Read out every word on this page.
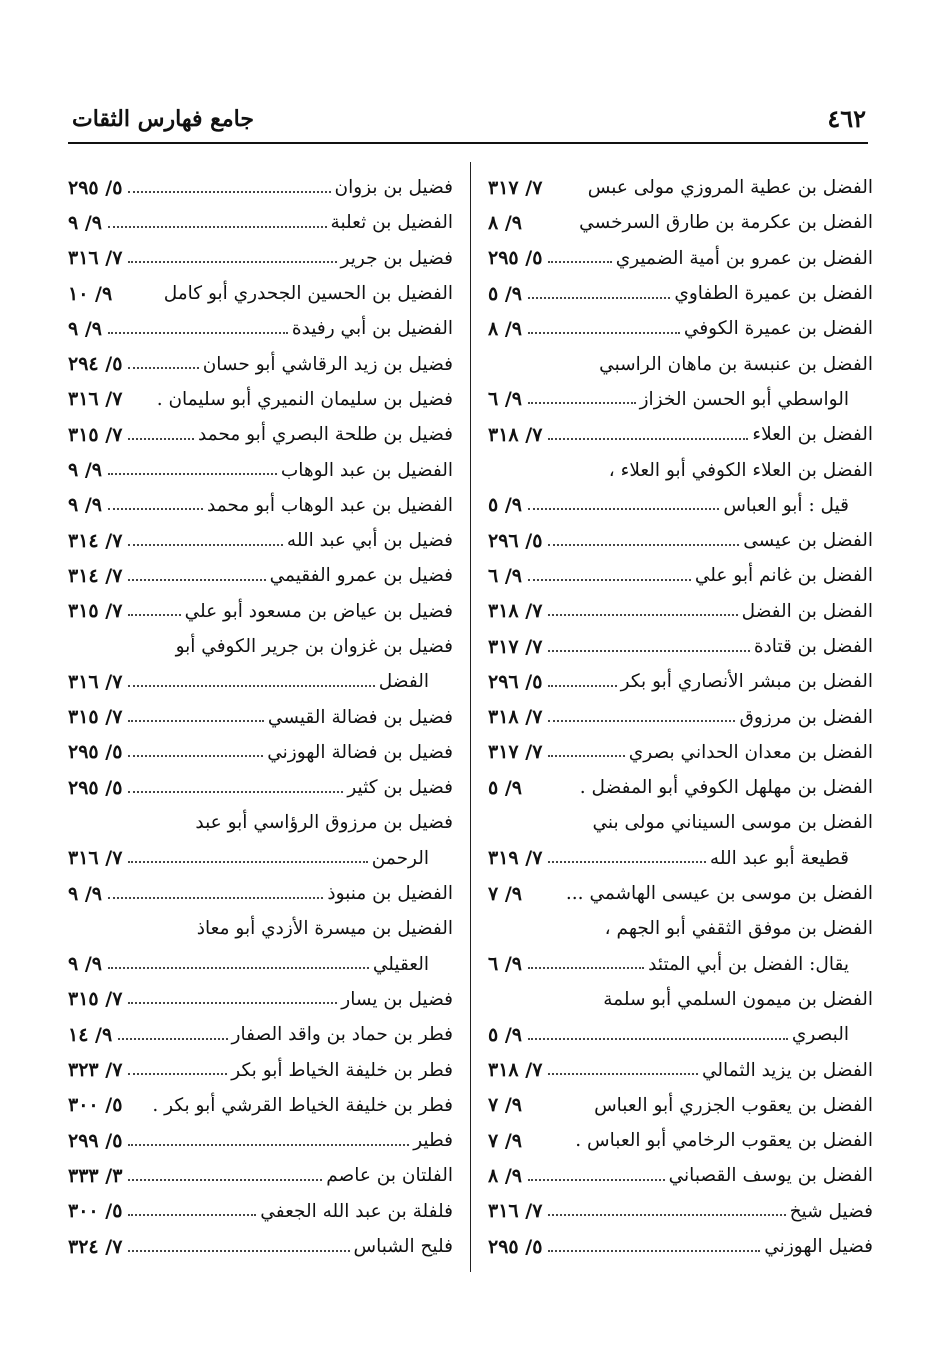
٤٦٢
جامع فهارس الثقات
الفضل بن عطية المروزي مولى عبس
٧/ ٣١٧
الفضل بن عكرمة بن طارق السرخسي
٩/ ٨
الفضل بن عمرو بن أمية الضميري
٥/ ٢٩٥
الفضل بن عميرة الطفاوي
٩/ ٥
الفضل بن عميرة الكوفي
٩/ ٨
الفضل بن عنبسة بن ماهان الراسبي
الواسطي أبو الحسن الخزاز
٩/ ٦
الفضل بن العلاء
٧/ ٣١٨
الفضل بن العلاء الكوفي أبو العلاء ،
قيل : أبو العباس
٩/ ٥
الفضل بن عيسى
٥/ ٢٩٦
الفضل بن غانم أبو علي
٩/ ٦
الفضل بن الفضل
٧/ ٣١٨
الفضل بن قتادة
٧/ ٣١٧
الفضل بن مبشر الأنصاري أبو بكر
٥/ ٢٩٦
الفضل بن مرزوق
٧/ ٣١٨
الفضل بن معدان الحداني بصري
٧/ ٣١٧
الفضل بن مهلهل الكوفي أبو المفضل .
٩/ ٥
الفضل بن موسى السيناني مولى بني
قطيعة أبو عبد الله
٧/ ٣١٩
الفضل بن موسى بن عيسى الهاشمي ...
٩/ ٧
الفضل بن موفق الثقفي أبو الجهم ،
يقال: الفضل بن أبي المتئد
٩/ ٦
الفضل بن ميمون السلمي أبو سلمة
البصري
٩/ ٥
الفضل بن يزيد الثمالي
٧/ ٣١٨
الفضل بن يعقوب الجزري أبو العباس
٩/ ٧
الفضل بن يعقوب الرخامي أبو العباس .
٩/ ٧
الفضل بن يوسف القصباني
٩/ ٨
فضيل شيخ
٧/ ٣١٦
فضيل الهوزني
٥/ ٢٩٥
فضيل بن بزوان
٥/ ٢٩٥
الفضيل بن ثعلبة
٩/ ٩
فضيل بن جرير
٧/ ٣١٦
الفضيل بن الحسين الجحدري أبو كامل
٩/ ١٠
الفضيل بن أبي رفيدة
٩/ ٩
فضيل بن زيد الرقاشي أبو حسان
٥/ ٢٩٤
فضيل بن سليمان النميري أبو سليمان .
٧/ ٣١٦
فضيل بن طلحة البصري أبو محمد
٧/ ٣١٥
الفضيل بن عبد الوهاب
٩/ ٩
الفضيل بن عبد الوهاب أبو محمد
٩/ ٩
فضيل بن أبي عبد الله
٧/ ٣١٤
فضيل بن عمرو الفقيمي
٧/ ٣١٤
فضيل بن عياض بن مسعود أبو علي
٧/ ٣١٥
فضيل بن غزوان بن جرير الكوفي أبو
الفضل
٧/ ٣١٦
فضيل بن فضالة القيسي
٧/ ٣١٥
فضيل بن فضالة الهوزني
٥/ ٢٩٥
فضيل بن كثير
٥/ ٢٩٥
فضيل بن مرزوق الرؤاسي أبو عبد
الرحمن
٧/ ٣١٦
الفضيل بن منبوذ
٩/ ٩
الفضيل بن ميسرة الأزدي أبو معاذ
العقيلي
٩/ ٩
فضيل بن يسار
٧/ ٣١٥
فطر بن حماد بن واقد الصفار
٩/ ١٤
فطر بن خليفة الخياط أبو بكر
٧/ ٣٢٣
فطر بن خليفة الخياط القرشي أبو بكر .
٥/ ٣٠٠
فطير
٥/ ٢٩٩
الفلتان بن عاصم
٣/ ٣٣٣
فلفلة بن عبد الله الجعفي
٥/ ٣٠٠
فليح الشباس
٧/ ٣٢٤
